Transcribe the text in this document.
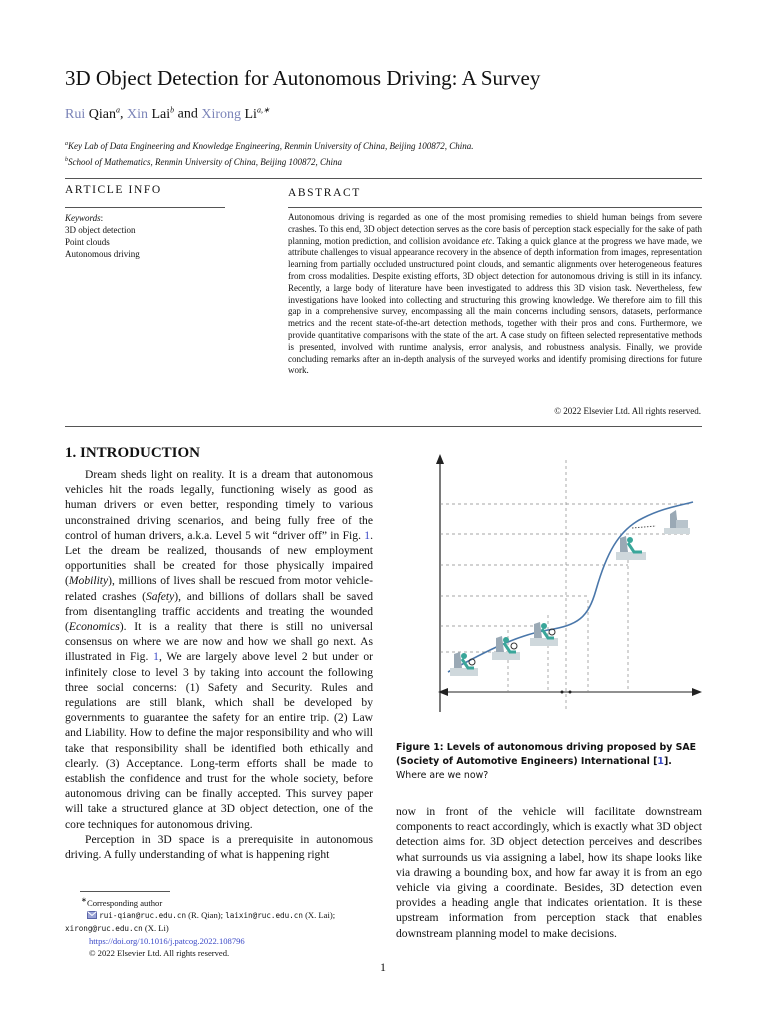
3D Object Detection for Autonomous Driving: A Survey
Rui Qian$^a$, Xin Lai$^b$ and Xirong $Li^{a,∗}$
$^a$Key Lab of Data Engineering and Knowledge Engineering, Renmin University of China, Beijing 100872, China.
$^b$School of Mathematics, Renmin University of China, Beijing 100872, China
ARTICLE INFO
Keywords:
3D object detection
Point clouds
Autonomous driving
ABSTRACT
Autonomous driving is regarded as one of the most promising remedies to shield human beings from severe crashes. To this end, 3D object detection serves as the core basis of perception stack especially for the sake of path planning, motion prediction, and collision avoidance etc. Taking a quick glance at the progress we have made, we attribute challenges to visual appearance recovery in the absence of depth information from images, representation learning from partially occluded unstructured point clouds, and semantic alignments over heterogeneous features from cross modalities. Despite existing efforts, 3D object detection for autonomous driving is still in its infancy. Recently, a large body of literature have been investigated to address this 3D vision task. Nevertheless, few investigations have looked into collecting and structuring this growing knowledge. We therefore aim to fill this gap in a comprehensive survey, encompassing all the main concerns including sensors, datasets, performance metrics and the recent state-of-the-art detection methods, together with their pros and cons. Furthermore, we provide quantitative comparisons with the state of the art. A case study on fifteen selected representative methods is presented, involved with runtime analysis, error analysis, and robustness analysis. Finally, we provide concluding remarks after an in-depth analysis of the surveyed works and identify promising directions for future work.
© 2022 Elsevier Ltd. All rights reserved.
1. INTRODUCTION

Dream sheds light on reality. It is a dream that autonomous vehicles hit the roads legally, functioning wisely as good as human drivers or even better, responding timely to various unconstrained driving scenarios, and being fully free of the control of human drivers, a.k.a. Level 5 wit “driver off” in Fig. 1. Let the dream be realized, thousands of new employment opportunities shall be created for those physically impaired (Mobility), millions of lives shall be rescued from motor vehicle-related crashes (Safety), and billions of dollars shall be saved from disentangling traffic accidents and treating the wounded (Economics). It is a reality that there is still no universal consensus on where we are now and how we shall go next. As illustrated in Fig. 1, We are largely above level 2 but under or infinitely close to level 3 by taking into account the following three social concerns: (1) Safety and Security. Rules and regulations are still blank, which shall be developed by governments to guarantee the safety for an entire trip. (2) Law and Liability. How to define the major responsibility and who will take that responsibility shall be identified both ethically and clearly. (3) Acceptance. Long-term efforts shall be made to establish the confidence and trust for the whole society, before autonomous driving can be finally accepted. This survey paper will take a structured glance at 3D object detection, one of the core techniques for autonomous driving.

Perception in 3D space is a prerequisite in autonomous driving. A fully understanding of what is happening right

∗Corresponding author
rui-qian@ruc.edu.cn (R. Qian); laixin@ruc.edu.cn (X. Lai);
xirong@ruc.edu.cn (X. Li)
https://doi.org/10.1016/j.patcog.2022.108796
© 2022 Elsevier Ltd. All rights reserved.
Figure 1: Levels of autonomous driving proposed by SAE (Society of Automotive Engineers) International [1]. Where are we now?

now in front of the vehicle will facilitate downstream components to react accordingly, which is exactly what 3D object detection aims for. 3D object detection perceives and describes what surrounds us via assigning a label, how its shape looks like via drawing a bounding box, and how far away it is from an ego vehicle via giving a coordinate. Besides, 3D detection even provides a heading angle that indicates orientation. It is these upstream information from perception stack that enables downstream planning model to make decisions.

1
